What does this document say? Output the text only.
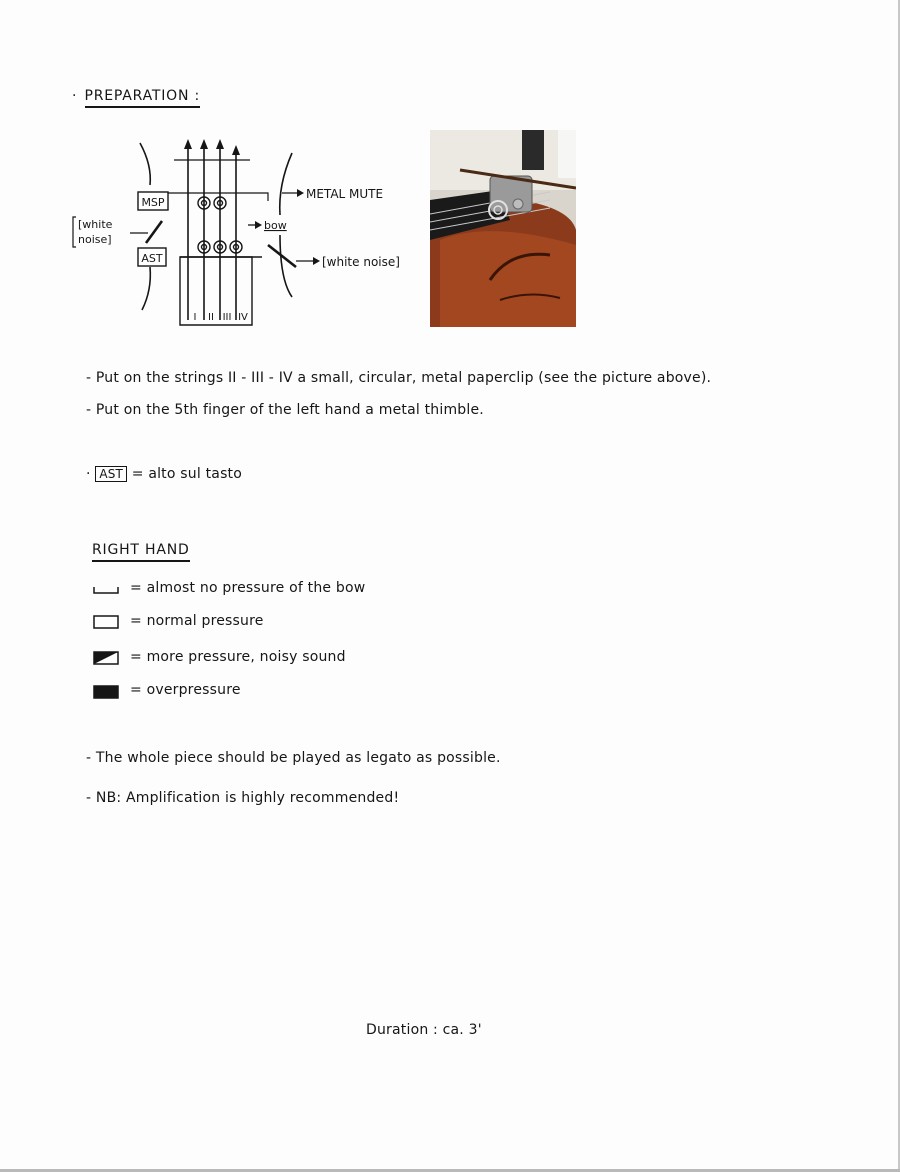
· PREPARATION :
MSP
AST
[white
noise]
METAL MUTE
bow
[white noise]
I II III IV
- Put on the strings II - III - IV a small, circular, metal paperclip (see the picture above).
- Put on the 5th finger of the left hand a metal thimble.
· AST = alto sul tasto
RIGHT HAND
= almost no pressure of the bow
= normal pressure
= more pressure, noisy sound
= overpressure
- The whole piece should be played as legato as possible.
- NB: Amplification is highly recommended!
Duration : ca. 3'
